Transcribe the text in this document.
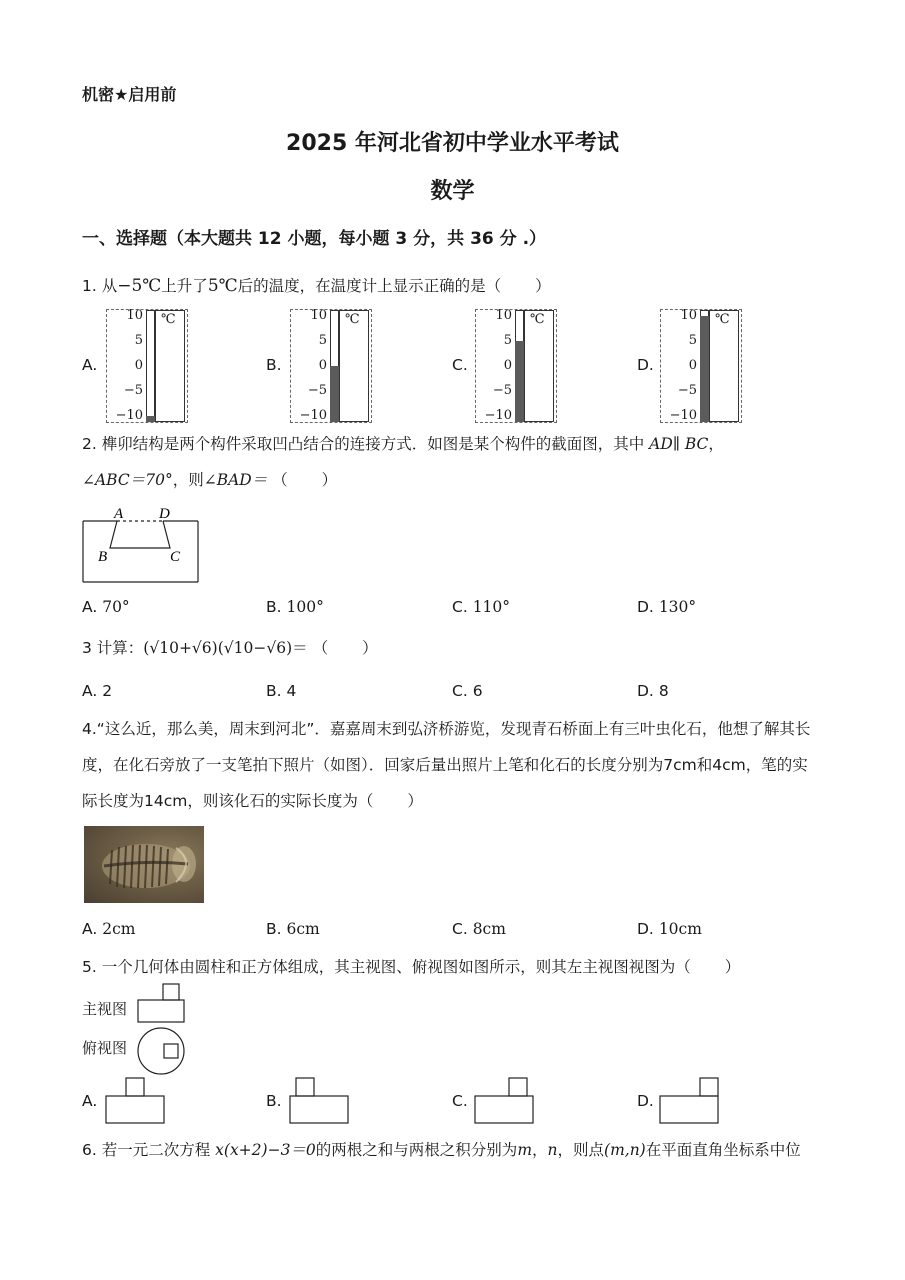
机密★启用前
2025 年河北省初中学业水平考试
数学
一、选择题（本大题共 12 小题，每小题 3 分，共 36 分 .）
1. 从−5℃上升了5℃后的温度，在温度计上显示正确的是（ ）
A.	B.	C.	D.
10
5
0
−5
−10
℃	10
5
0
−5
−10
℃	10
5
0
−5
−10
℃	10
5
0
−5
−10
℃
2. 榫卯结构是两个构件采取凹凸结合的连接方式．如图是某个构件的截面图，其中 AD∥ BC，
∠ABC＝70°，则∠BAD＝ （ ）
A D
B	C
A. 70°	B. 100°	C. 110°	D. 130°
3 计算：(√10+√6)(√10−√6)＝ （ ）
A. 2	B. 4	C. 6	D. 8
4.“这么近，那么美，周末到河北”．嘉嘉周末到弘济桥游览，发现青石桥面上有三叶虫化石，他想了解其长
度，在化石旁放了一支笔拍下照片（如图）．回家后量出照片上笔和化石的长度分别为7cm和4cm，笔的实
际长度为14cm，则该化石的实际长度为（ ）
A. 2cm	B. 6cm	C. 8cm	D. 10cm
5. 一个几何体由圆柱和正方体组成，其主视图、俯视图如图所示，则其左主视图视图为（ ）
主视图
俯视图
A.	B.	C.	D.
6. 若一元二次方程 x(x+2)−3＝0的两根之和与两根之积分别为m，n，则点(m,n)在平面直角坐标系中位
